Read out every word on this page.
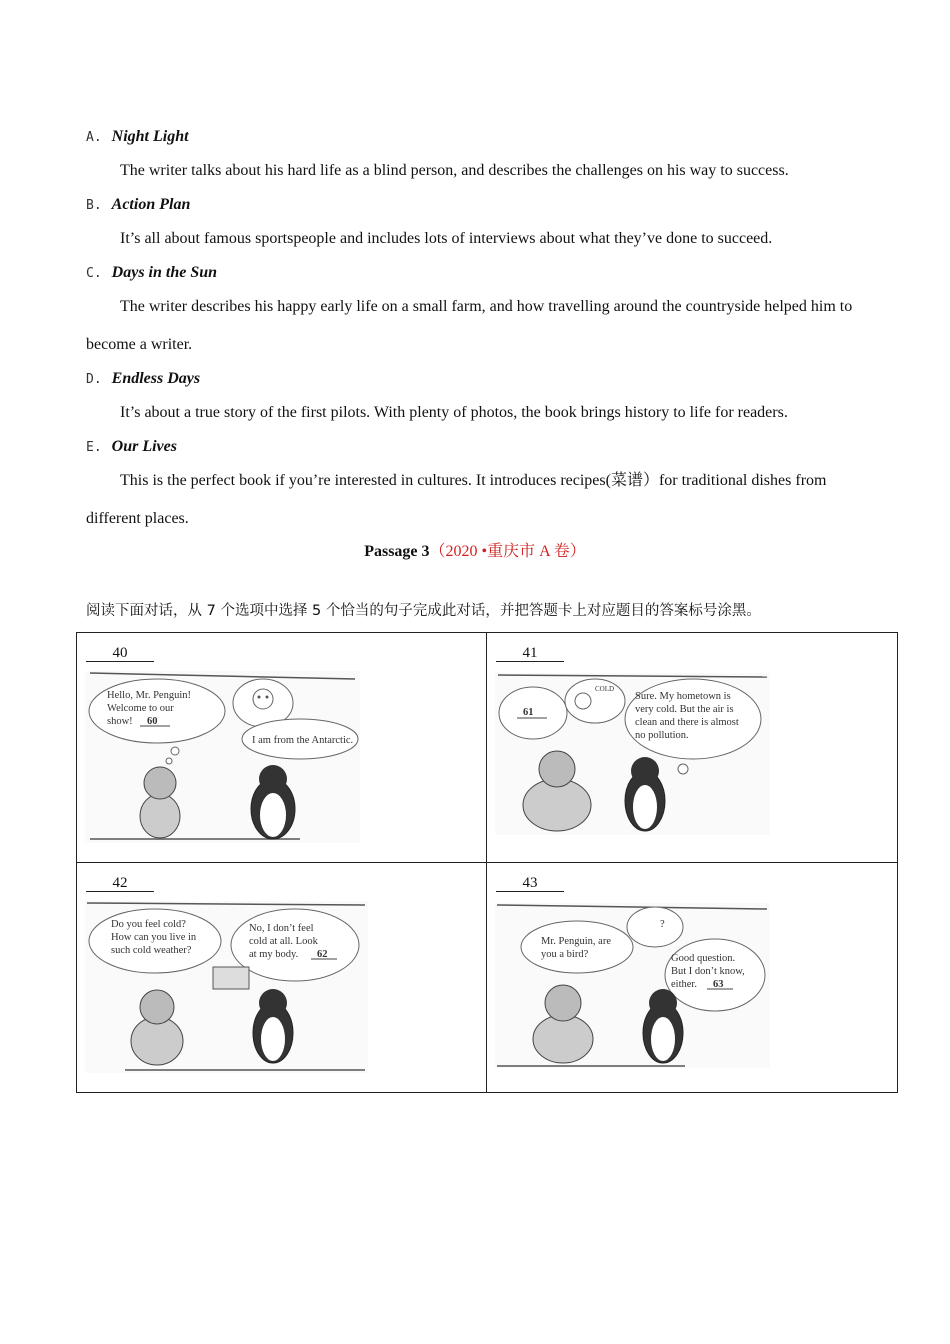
A. Night Light
The writer talks about his hard life as a blind person, and describes the challenges on his way to success.
B. Action Plan
It’s all about famous sportspeople and includes lots of interviews about what they’ve done to succeed.
C. Days in the Sun
The writer describes his happy early life on a small farm, and how travelling around the countryside helped him to become a writer.
D. Endless Days
It’s about a true story of the first pilots. With plenty of photos, the book brings history to life for readers.
E. Our Lives
This is the perfect book if you’re interested in cultures. It introduces recipes(菜谱）for traditional dishes from different places.
Passage 3（2020 •重庆市 A 卷）
阅读下面对话，从 7 个选项中选择 5 个恰当的句子完成此对话，并把答题卡上对应题目的答案标号涂黑。
40
Hello, Mr. Penguin!
Welcome to our
show! 60
I am from the Antarctic.
41
61
COLD
Sure. My hometown is
very cold. But the air is
clean and there is almost
no pollution.
42
Do you feel cold?
How can you live in
such cold weather?
No, I don’t feel
cold at all. Look
at my body. 62
43
Mr. Penguin, are
you a bird?
?
Good question.
But I don’t know,
either. 63
